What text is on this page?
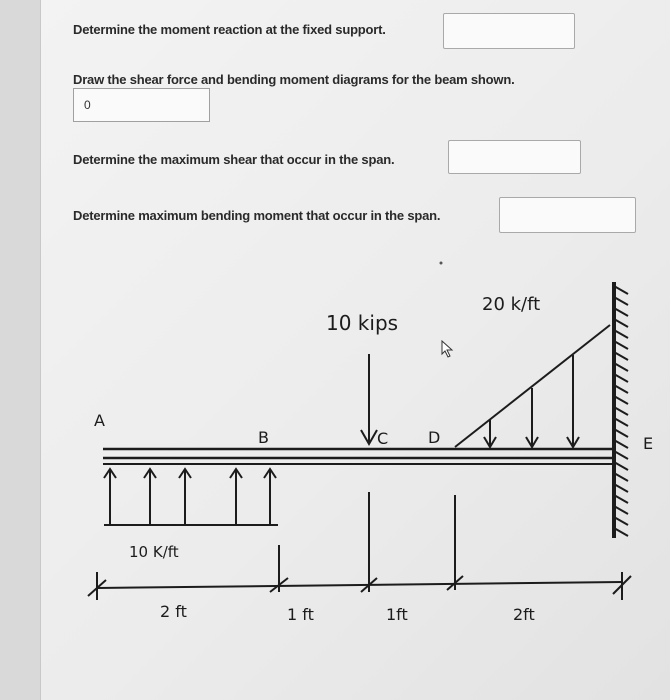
Determine the moment reaction at the fixed support.
Draw the shear force and bending moment diagrams for the beam shown.
0
Determine the maximum shear that occur in the span.
Determine maximum bending moment that occur in the span.
A
B	C D	E
10 kips
20 k/ft
10 K/ft
2 ft	1 ft	1ft	2ft
